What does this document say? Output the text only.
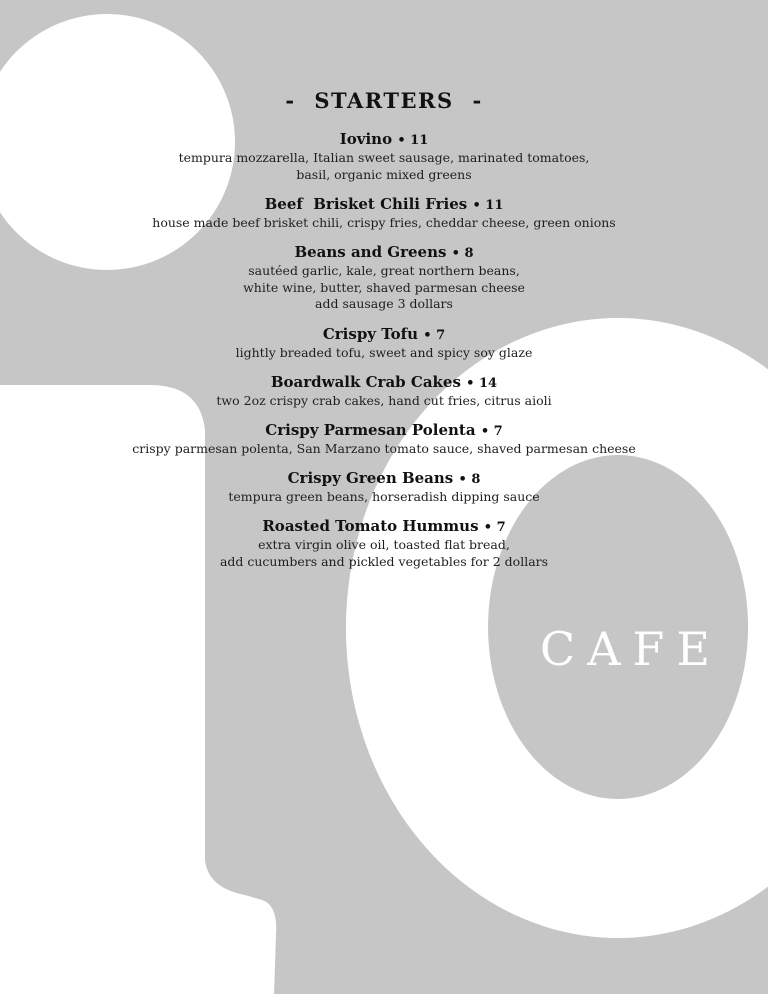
- STARTERS -
Iovino • 11
tempura mozzarella, Italian sweet sausage, marinated tomatoes,
basil, organic mixed greens
Beef  Brisket Chili Fries • 11
house made beef brisket chili, crispy fries, cheddar cheese, green onions
Beans and Greens • 8
sautéed garlic, kale, great northern beans,
white wine, butter, shaved parmesan cheese
add sausage 3 dollars
Crispy Tofu • 7
lightly breaded tofu, sweet and spicy soy glaze
Boardwalk Crab Cakes • 14
two 2oz crispy crab cakes, hand cut fries, citrus aioli
Crispy Parmesan Polenta • 7
crispy parmesan polenta, San Marzano tomato sauce, shaved parmesan cheese
Crispy Green Beans • 8
tempura green beans, horseradish dipping sauce
Roasted Tomato Hummus • 7
extra virgin olive oil, toasted flat bread,
add cucumbers and pickled vegetables for 2 dollars
CAFE
menupix
